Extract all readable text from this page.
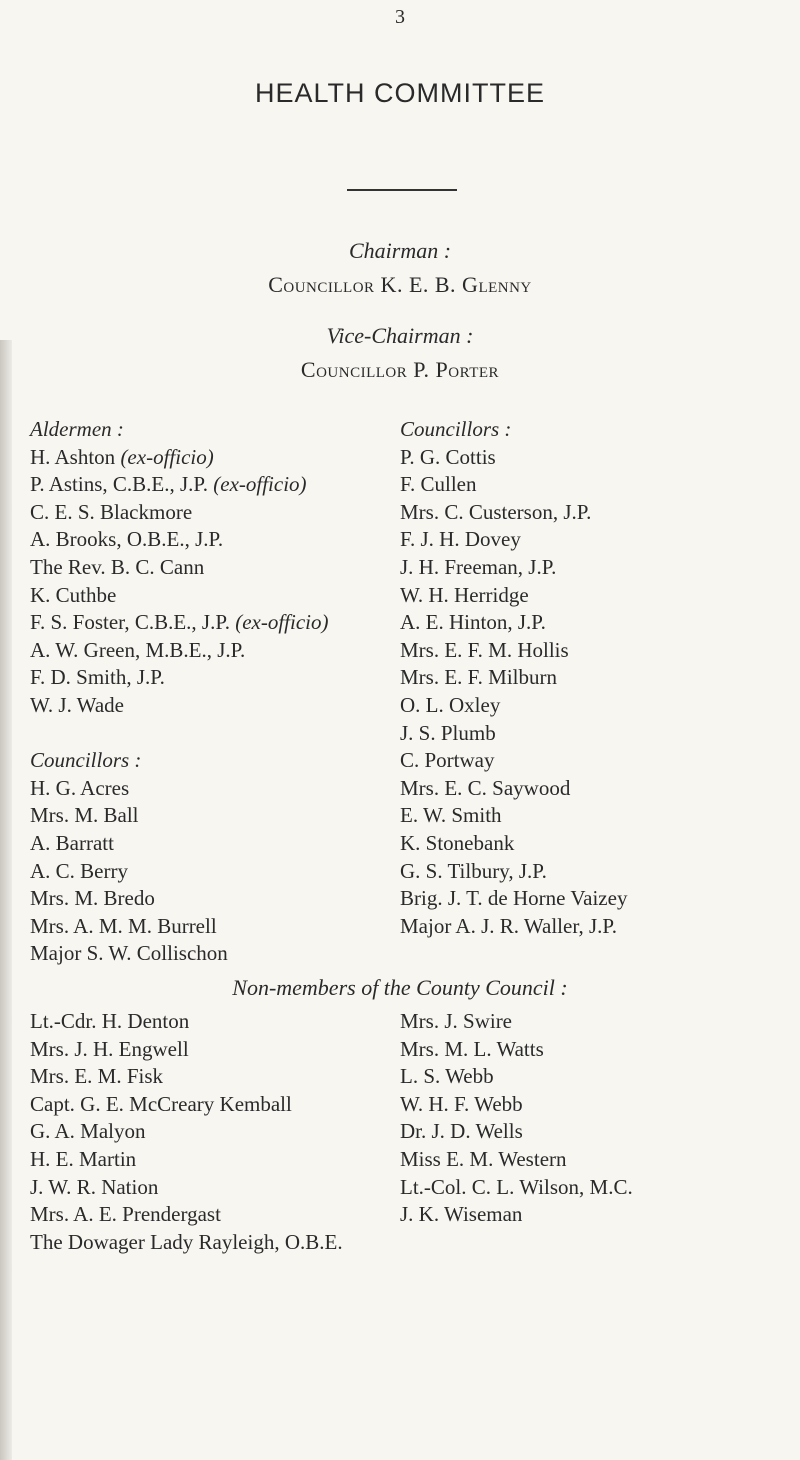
3
HEALTH COMMITTEE
Chairman :
Councillor K. E. B. Glenny
Vice-Chairman :
Councillor P. Porter
Aldermen :
H. Ashton (ex-officio)
P. Astins, C.B.E., J.P. (ex-officio)
C. E. S. Blackmore
A. Brooks, O.B.E., J.P.
The Rev. B. C. Cann
K. Cuthbe
F. S. Foster, C.B.E., J.P. (ex-officio)
A. W. Green, M.B.E., J.P.
F. D. Smith, J.P.
W. J. Wade
Councillors :
H. G. Acres
Mrs. M. Ball
A. Barratt
A. C. Berry
Mrs. M. Bredo
Mrs. A. M. M. Burrell
Major S. W. Collischon
Councillors :
P. G. Cottis
F. Cullen
Mrs. C. Custerson, J.P.
F. J. H. Dovey
J. H. Freeman, J.P.
W. H. Herridge
A. E. Hinton, J.P.
Mrs. E. F. M. Hollis
Mrs. E. F. Milburn
O. L. Oxley
J. S. Plumb
C. Portway
Mrs. E. C. Saywood
E. W. Smith
K. Stonebank
G. S. Tilbury, J.P.
Brig. J. T. de Horne Vaizey
Major A. J. R. Waller, J.P.
Non-members of the County Council :
Lt.-Cdr. H. Denton
Mrs. J. H. Engwell
Mrs. E. M. Fisk
Capt. G. E. McCreary Kemball
G. A. Malyon
H. E. Martin
J. W. R. Nation
Mrs. A. E. Prendergast
The Dowager Lady Rayleigh, O.B.E.
Mrs. J. Swire
Mrs. M. L. Watts
L. S. Webb
W. H. F. Webb
Dr. J. D. Wells
Miss E. M. Western
Lt.-Col. C. L. Wilson, M.C.
J. K. Wiseman
